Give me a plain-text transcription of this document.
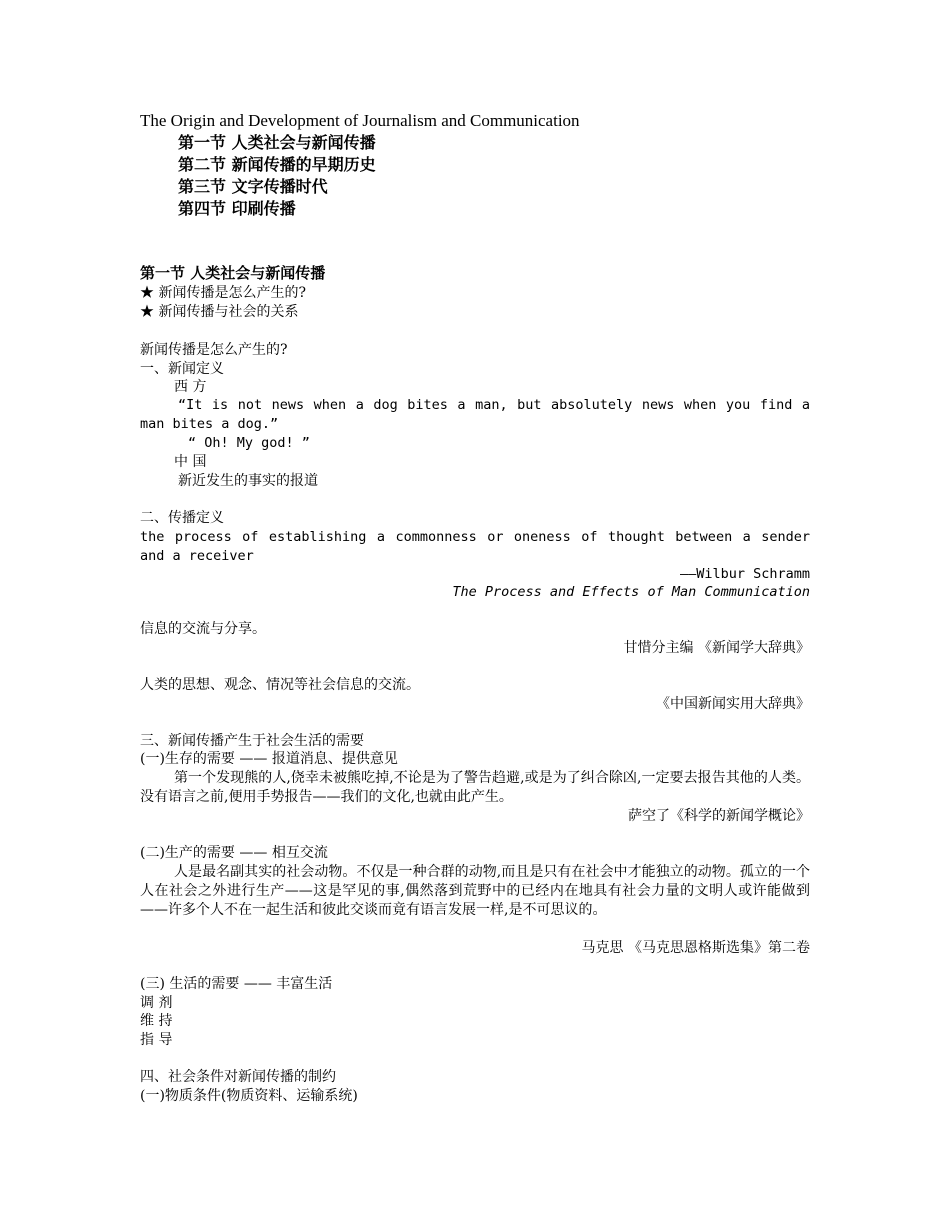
The Origin and Development of Journalism and Communication
第一节 人类社会与新闻传播
第二节 新闻传播的早期历史
第三节 文字传播时代
第四节 印刷传播
第一节 人类社会与新闻传播
★ 新闻传播是怎么产生的?
★ 新闻传播与社会的关系
新闻传播是怎么产生的?
一、新闻定义
西 方
“It is not news when a dog bites a man, but absolutely news when you find a man bites a dog.”
“ Oh! My god! ”
中 国
新近发生的事实的报道
二、传播定义
the process of establishing a commonness or oneness of thought between a sender and a receiver
——Wilbur Schramm
The Process and Effects of Man Communication
信息的交流与分享。
甘惜分主编 《新闻学大辞典》
人类的思想、观念、情况等社会信息的交流。
《中国新闻实用大辞典》
三、新闻传播产生于社会生活的需要
(一)生存的需要 —— 报道消息、提供意见
第一个发现熊的人,侥幸未被熊吃掉,不论是为了警告趋避,或是为了纠合除凶,一定要去报告其他的人类。没有语言之前,便用手势报告——我们的文化,也就由此产生。
萨空了《科学的新闻学概论》
(二)生产的需要 —— 相互交流
人是最名副其实的社会动物。不仅是一种合群的动物,而且是只有在社会中才能独立的动物。孤立的一个人在社会之外进行生产——这是罕见的事,偶然落到荒野中的已经内在地具有社会力量的文明人或许能做到——许多个人不在一起生活和彼此交谈而竟有语言发展一样,是不可思议的。
马克思 《马克思恩格斯选集》第二卷
(三) 生活的需要 —— 丰富生活
调 剂
维 持
指 导
四、社会条件对新闻传播的制约
(一)物质条件(物质资料、运输系统)
